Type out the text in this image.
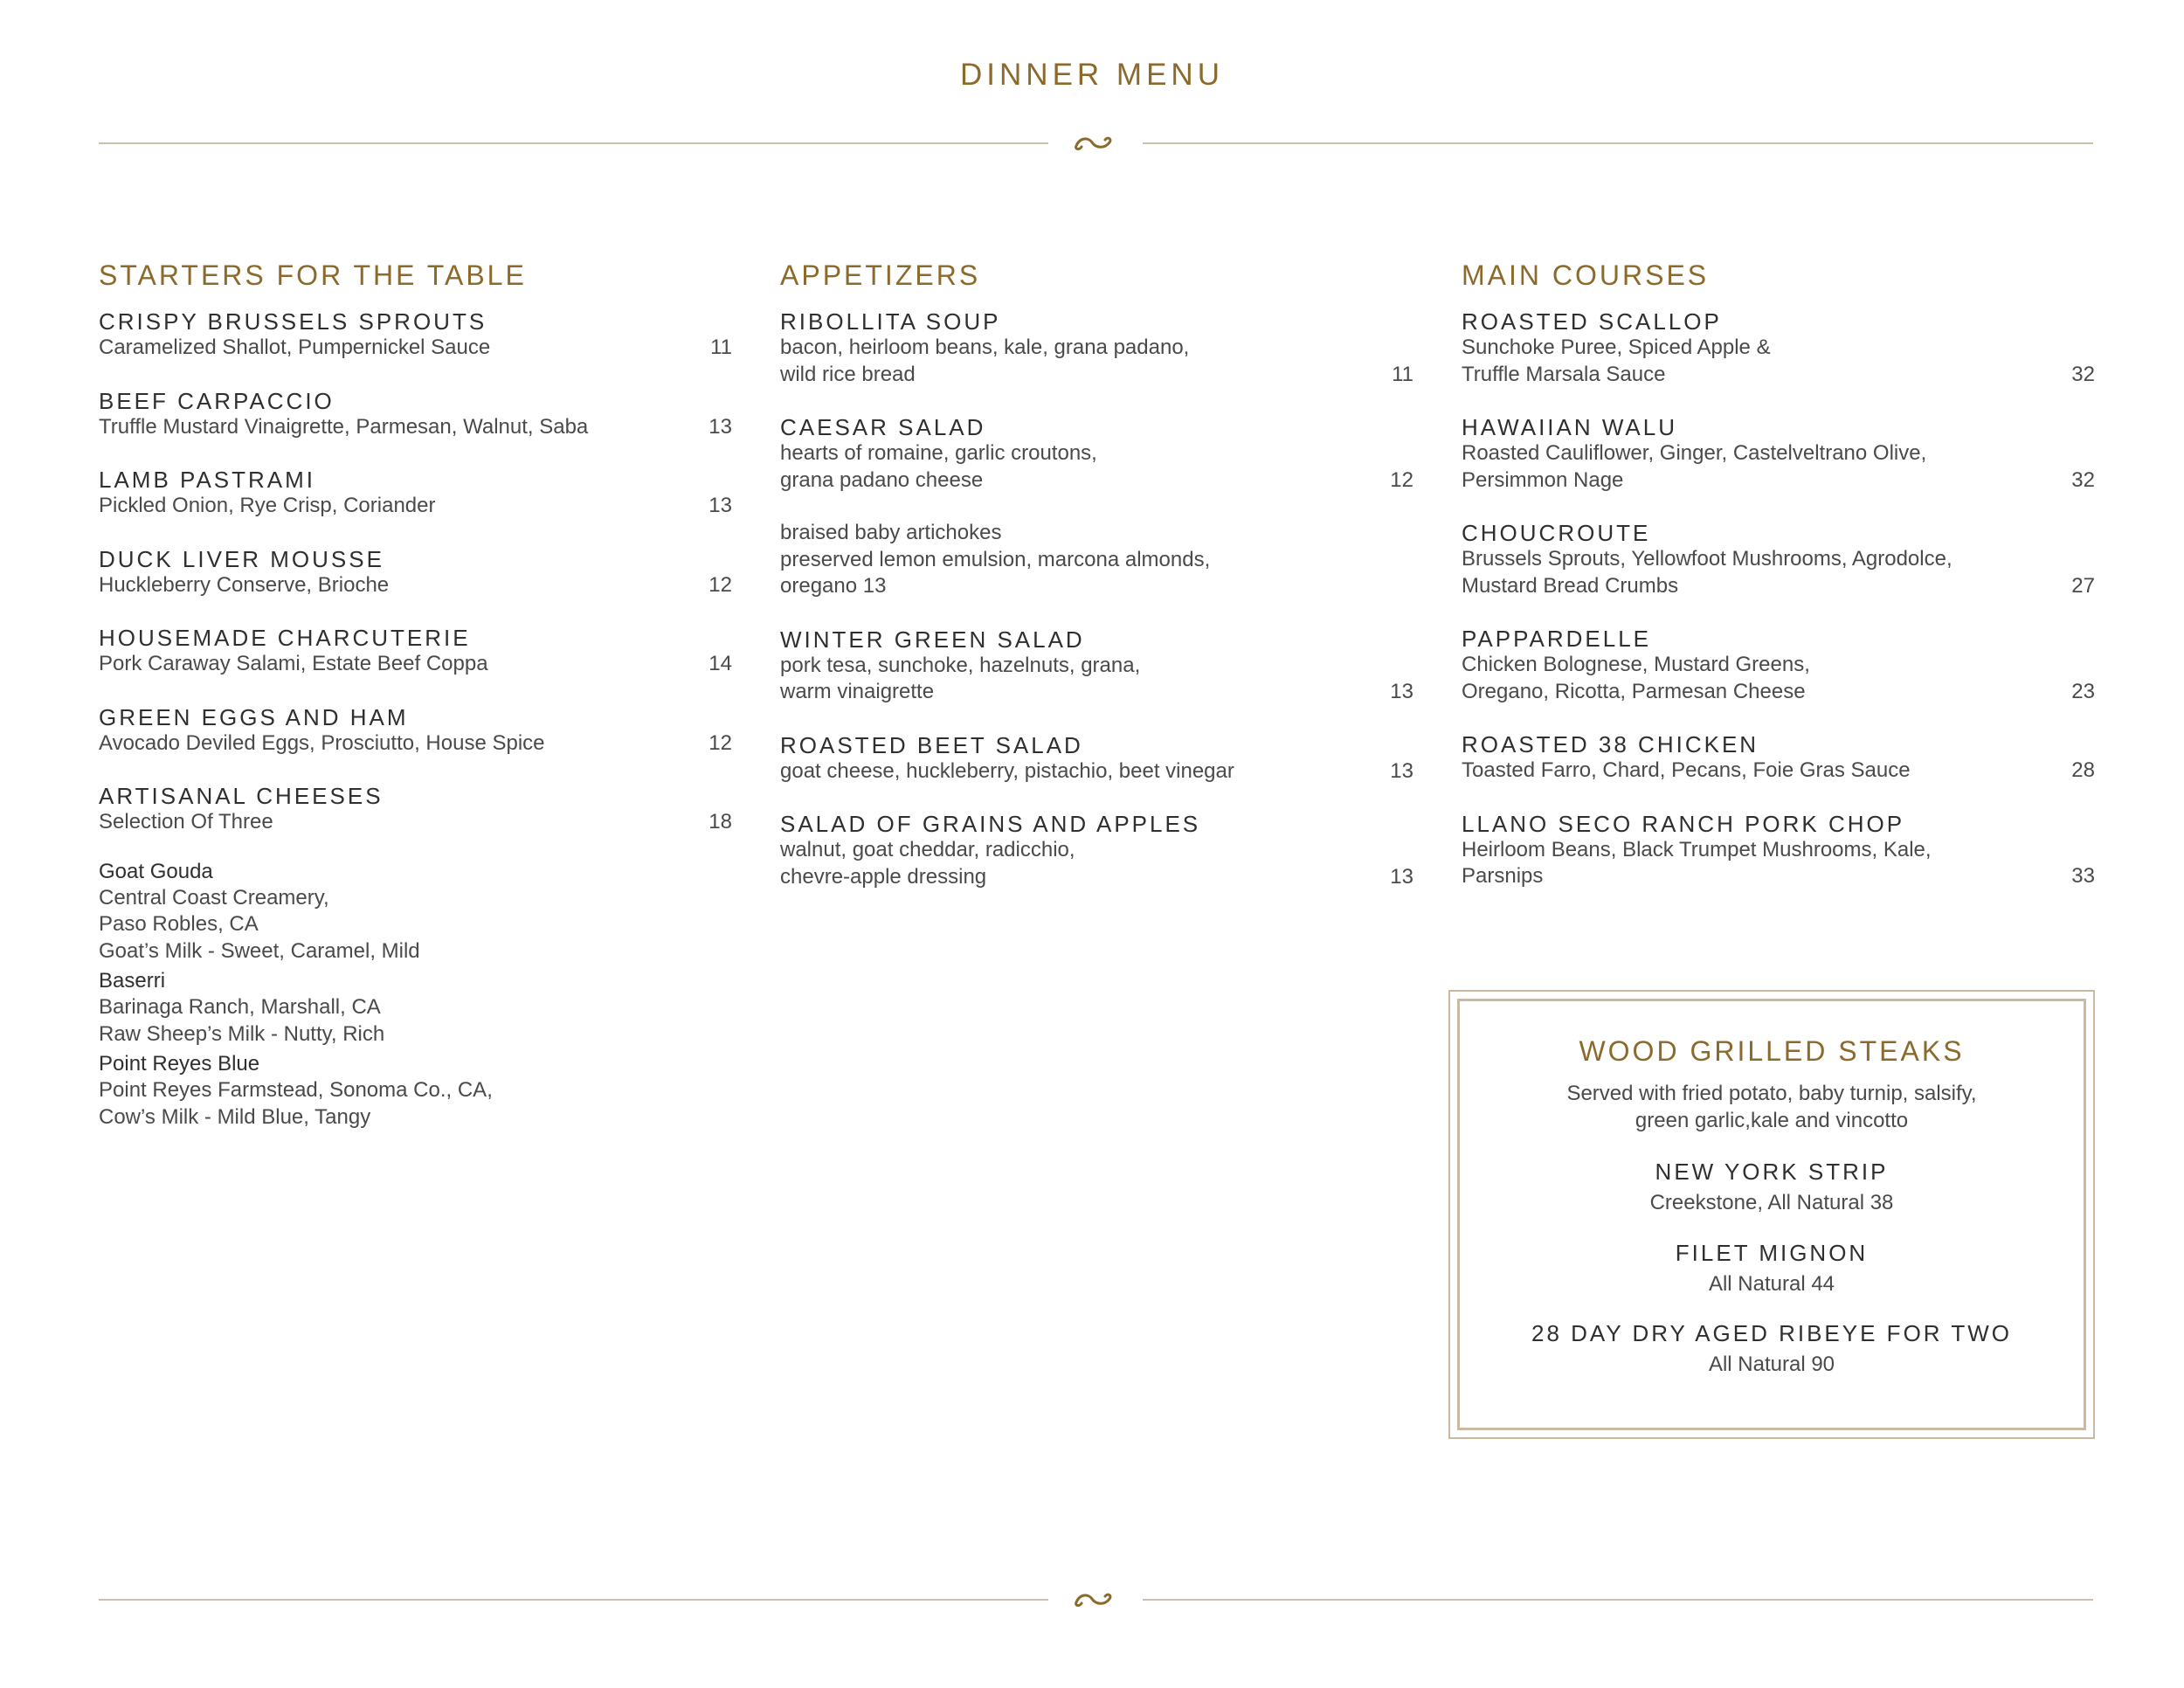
DINNER MENU
STARTERS FOR THE TABLE
CRISPY BRUSSELS SPROUTS
Caramelized Shallot, Pumpernickel Sauce	11
BEEF CARPACCIO
Truffle Mustard Vinaigrette, Parmesan, Walnut, Saba	13
LAMB PASTRAMI
Pickled Onion, Rye Crisp, Coriander	13
DUCK LIVER MOUSSE
Huckleberry Conserve, Brioche	12
HOUSEMADE CHARCUTERIE
Pork Caraway Salami, Estate Beef Coppa	14
GREEN EGGS AND HAM
Avocado Deviled Eggs, Prosciutto, House Spice	12
ARTISANAL CHEESES
Selection Of Three	18
Goat Gouda
Central Coast Creamery,
Paso Robles, CA
Goat’s Milk - Sweet, Caramel, Mild
Baserri
Barinaga Ranch, Marshall, CA
Raw Sheep’s Milk - Nutty, Rich
Point Reyes Blue
Point Reyes Farmstead, Sonoma Co., CA,
Cow’s Milk - Mild Blue, Tangy
APPETIZERS
RIBOLLITA SOUP
bacon, heirloom beans, kale, grana padano,
wild rice bread	11
CAESAR SALAD
hearts of romaine, garlic croutons,
grana padano cheese	12
braised baby artichokes
preserved lemon emulsion, marcona almonds,
oregano 13
WINTER GREEN SALAD
pork tesa, sunchoke, hazelnuts, grana,
warm vinaigrette	13
ROASTED BEET SALAD
goat cheese, huckleberry, pistachio, beet vinegar	13
SALAD OF GRAINS AND APPLES
walnut, goat cheddar, radicchio,
chevre-apple dressing	13
MAIN COURSES
ROASTED SCALLOP
Sunchoke Puree, Spiced Apple &
Truffle Marsala Sauce	32
HAWAIIAN WALU
Roasted Cauliflower, Ginger, Castelveltrano Olive,
Persimmon Nage	32
CHOUCROUTE
Brussels Sprouts, Yellowfoot Mushrooms, Agrodolce,
Mustard Bread Crumbs	27
PAPPARDELLE
Chicken Bolognese, Mustard Greens,
Oregano, Ricotta, Parmesan Cheese	23
ROASTED 38 CHICKEN
Toasted Farro, Chard, Pecans, Foie Gras Sauce	28
LLANO SECO RANCH PORK CHOP
Heirloom Beans, Black Trumpet Mushrooms, Kale,
Parsnips	33
WOOD GRILLED STEAKS
Served with fried potato, baby turnip, salsify,
green garlic,kale and vincotto
NEW YORK STRIP
Creekstone, All Natural 38
FILET MIGNON
All Natural 44
28 DAY DRY AGED RIBEYE FOR TWO
All Natural 90
